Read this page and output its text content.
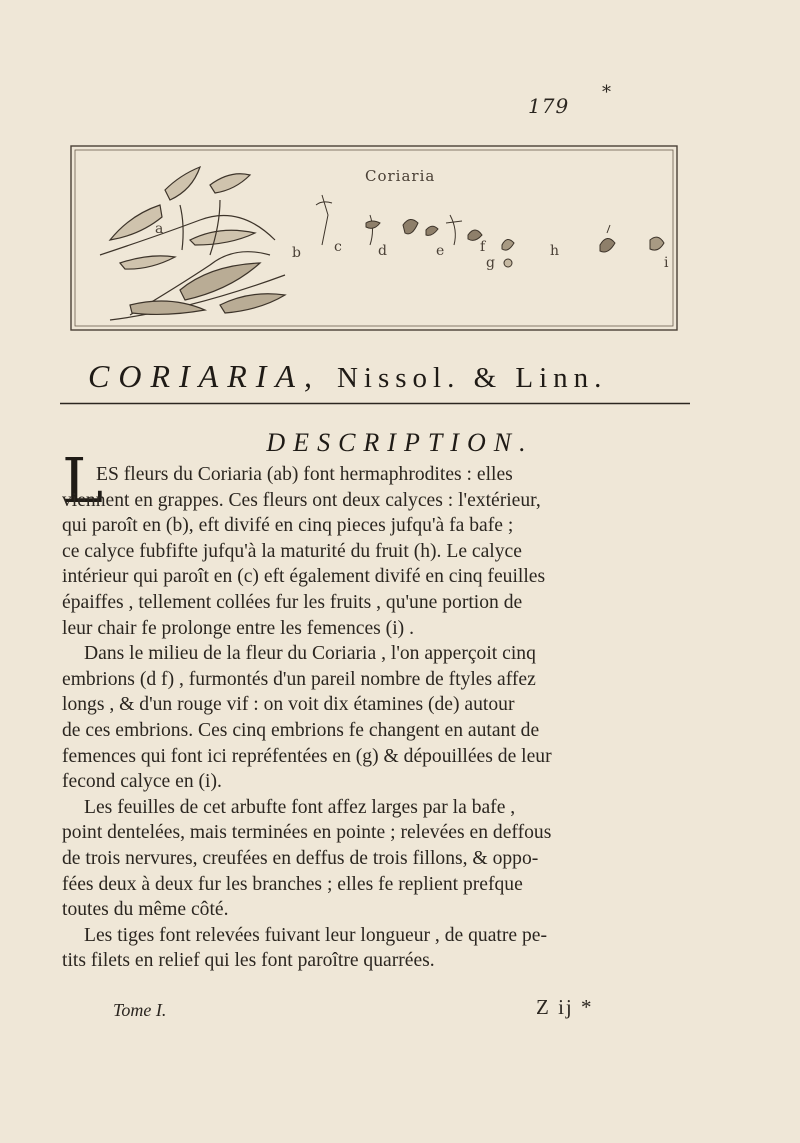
*
179
Coriaria
a
b c	d	e	f
g
h
i
CORIARIA, Nissol. & Linn.
DESCRIPTION.
L
ES fleurs du Coriaria (ab) font hermaphrodites : elles
viennent en grappes. Ces fleurs ont deux calyces : l'extérieur,
qui paroît en (b), eft divifé en cinq pieces jufqu'à fa bafe ;
ce calyce fubfifte jufqu'à la maturité du fruit (h). Le calyce
intérieur qui paroît en (c) eft également divifé en cinq feuilles
épaiffes , tellement collées fur les fruits , qu'une portion de
leur chair fe prolonge entre les femences (i) .
Dans le milieu de la fleur du Coriaria , l'on apperçoit cinq
embrions (d f) , furmontés d'un pareil nombre de ftyles affez
longs , & d'un rouge vif : on voit dix étamines (de) autour
de ces embrions. Ces cinq embrions fe changent en autant de
femences qui font ici repréfentées en (g) & dépouillées de leur
fecond calyce en (i).
Les feuilles de cet arbufte font affez larges par la bafe ,
point dentelées, mais terminées en pointe ; relevées en deffous
de trois nervures, creufées en deffus de trois fillons, & oppo-
fées deux à deux fur les branches ; elles fe replient prefque
toutes du même côté.
Les tiges font relevées fuivant leur longueur , de quatre pe-
tits filets en relief qui les font paroître quarrées.
Tome I.	Z ij *
